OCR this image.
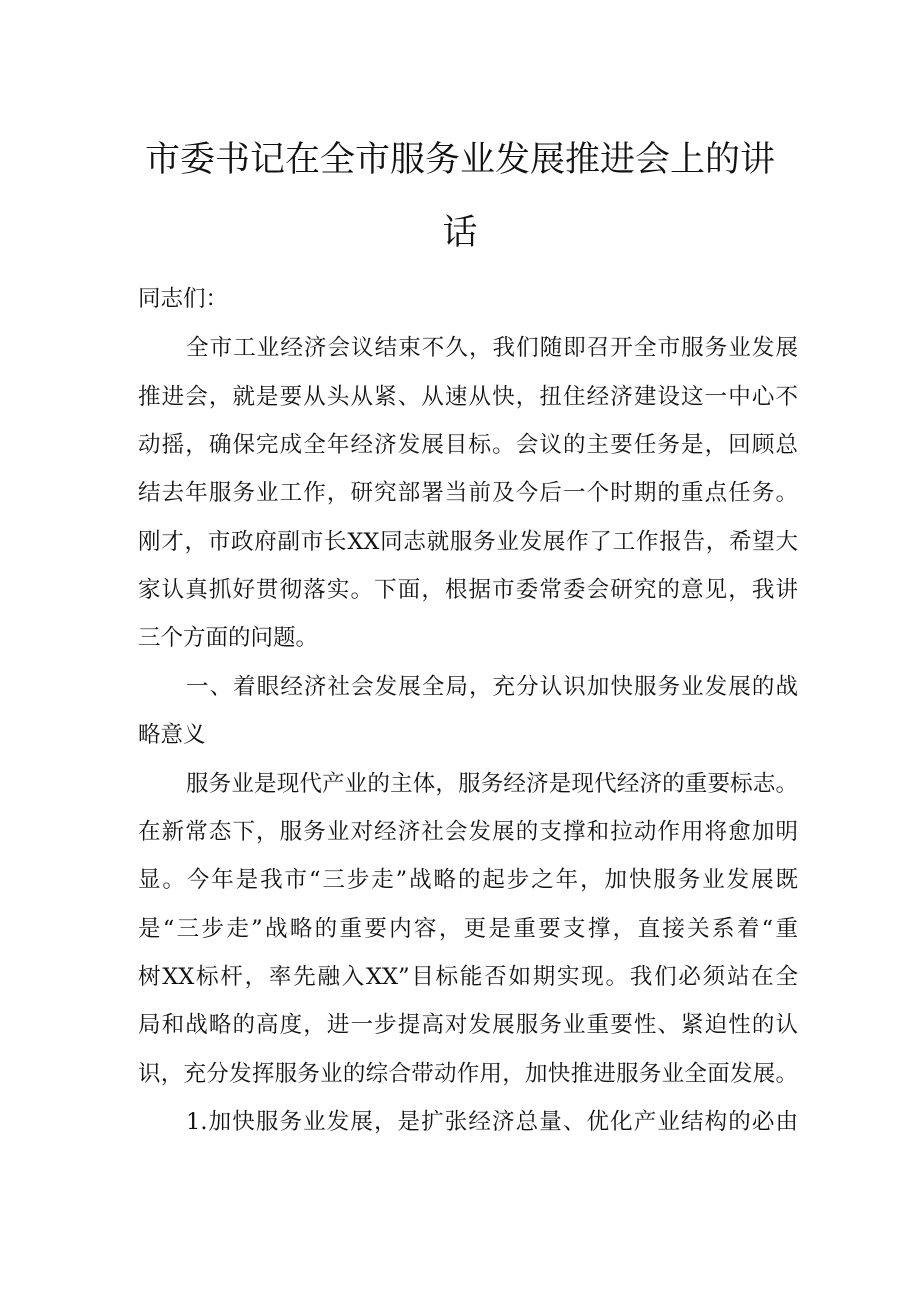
市委书记在全市服务业发展推进会上的讲
话
同志们：
全市工业经济会议结束不久，我们随即召开全市服务业发展
推进会，就是要从头从紧、从速从快，扭住经济建设这一中心不
动摇，确保完成全年经济发展目标。会议的主要任务是，回顾总
结去年服务业工作，研究部署当前及今后一个时期的重点任务。
刚才，市政府副市长XX同志就服务业发展作了工作报告，希望大
家认真抓好贯彻落实。下面，根据市委常委会研究的意见，我讲
三个方面的问题。
一、着眼经济社会发展全局，充分认识加快服务业发展的战
略意义
服务业是现代产业的主体，服务经济是现代经济的重要标志。
在新常态下，服务业对经济社会发展的支撑和拉动作用将愈加明
显。今年是我市“三步走”战略的起步之年，加快服务业发展既
是“三步走”战略的重要内容，更是重要支撑，直接关系着“重
树XX标杆，率先融入XX”目标能否如期实现。我们必须站在全
局和战略的高度，进一步提高对发展服务业重要性、紧迫性的认
识，充分发挥服务业的综合带动作用，加快推进服务业全面发展。
1.加快服务业发展，是扩张经济总量、优化产业结构的必由
